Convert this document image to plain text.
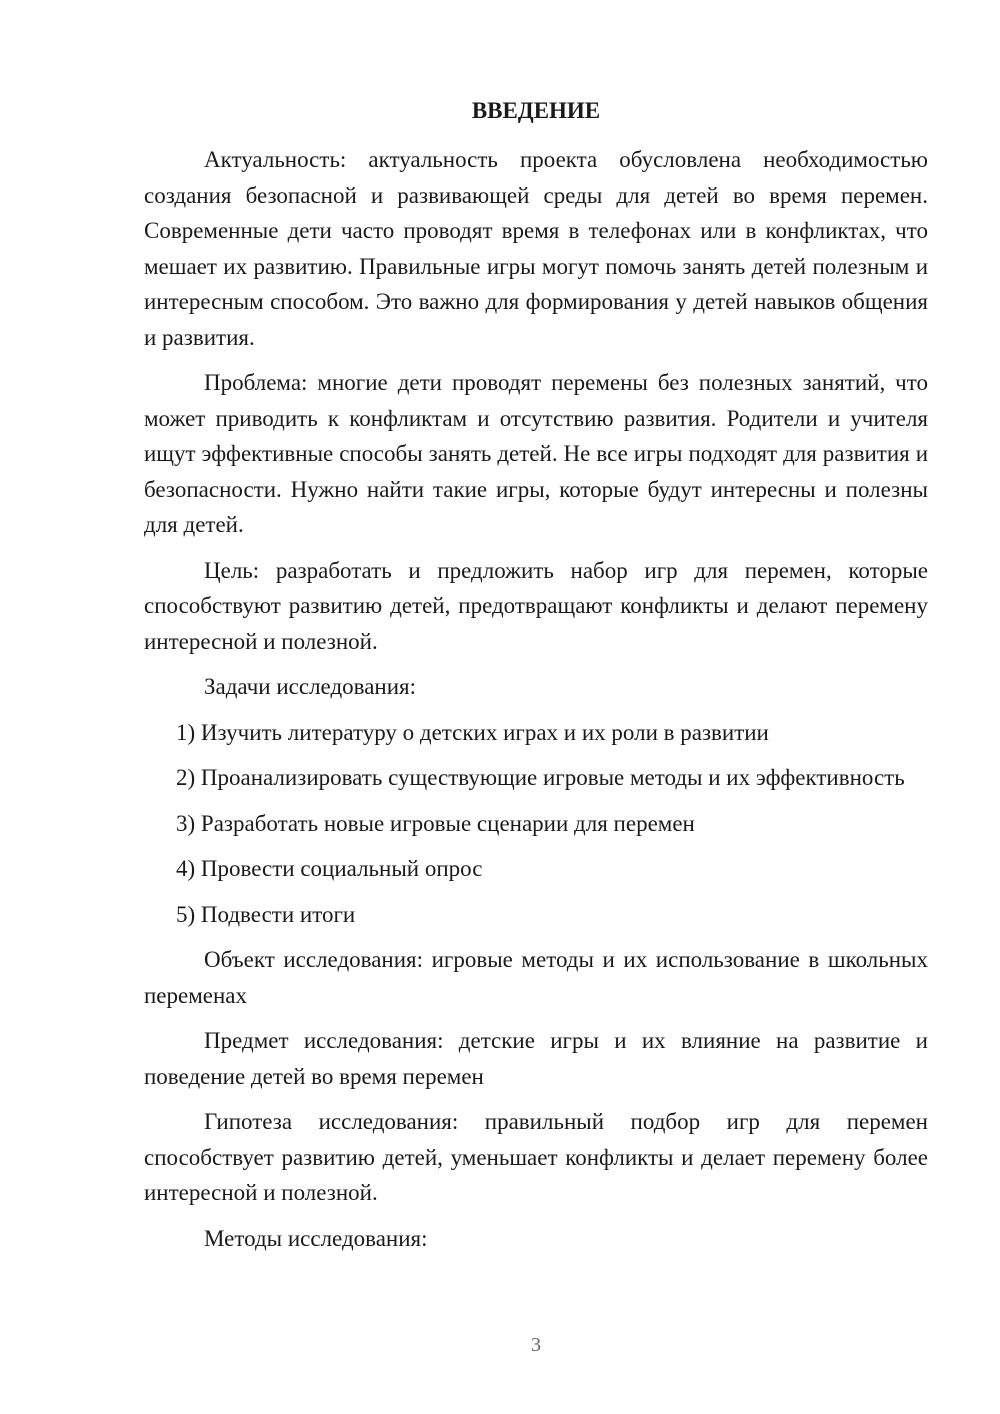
ВВЕДЕНИЕ

Актуальность: актуальность проекта обусловлена необходимостью создания безопасной и развивающей среды для детей во время перемен. Современные дети часто проводят время в телефонах или в конфликтах, что мешает их развитию. Правильные игры могут помочь занять детей полезным и интересным способом. Это важно для формирования у детей навыков общения и развития.

Проблема: многие дети проводят перемены без полезных занятий, что может приводить к конфликтам и отсутствию развития. Родители и учителя ищут эффективные способы занять детей. Не все игры подходят для развития и безопасности. Нужно найти такие игры, которые будут интересны и полезны для детей.

Цель: разработать и предложить набор игр для перемен, которые способствуют развитию детей, предотвращают конфликты и делают перемену интересной и полезной.

Задачи исследования:

1) Изучить литературу о детских играх и их роли в развитии

2) Проанализировать существующие игровые методы и их эффективность

3) Разработать новые игровые сценарии для перемен

4) Провести социальный опрос

5) Подвести итоги

Объект исследования: игровые методы и их использование в школьных переменах

Предмет исследования: детские игры и их влияние на развитие и поведение детей во время перемен

Гипотеза исследования: правильный подбор игр для перемен способствует развитию детей, уменьшает конфликты и делает перемену более интересной и полезной.

Методы исследования:

3
